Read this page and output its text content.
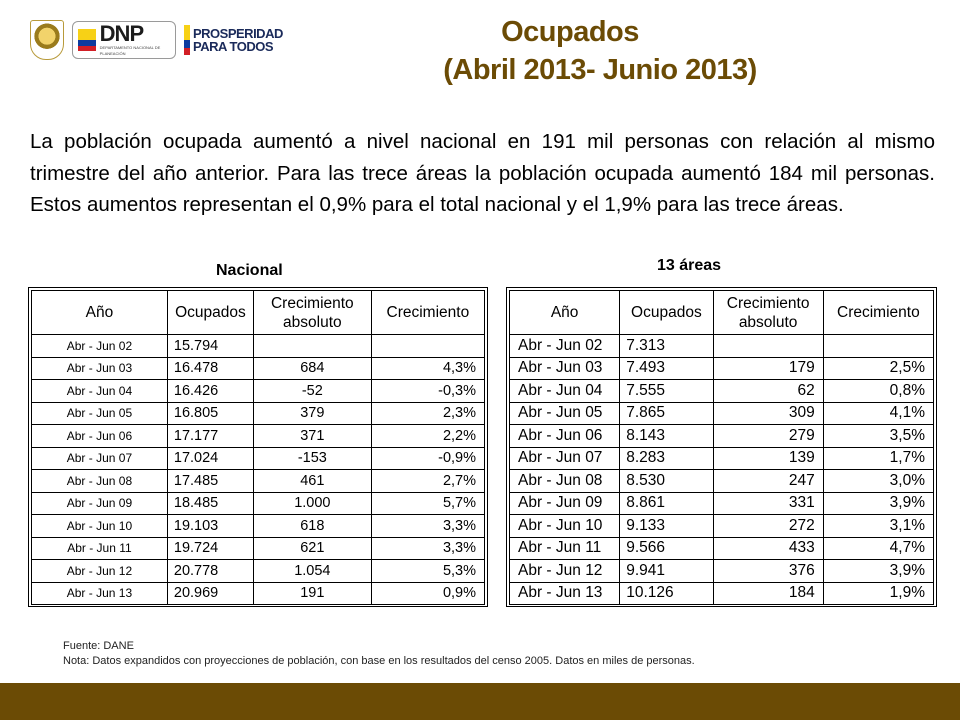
DNP
DEPARTAMENTO NACIONAL DE PLANEACIÓN
PROSPERIDAD
PARA TODOS	Ocupados
(Abril 2013- Junio 2013)

La población ocupada aumentó a nivel nacional en 191 mil personas con relación al mismo trimestre del año anterior. Para las trece áreas la población ocupada aumentó 184 mil personas. Estos aumentos representan el 0,9% para el total nacional y el 1,9% para las trece áreas.

Nacional	13 áreas
Año	Ocupados	Crecimiento absoluto	Crecimiento
Abr - Jun 02	15.794		
Abr - Jun 03	16.478	684	4,3%
Abr - Jun 04	16.426	-52	-0,3%
Abr - Jun 05	16.805	379	2,3%
Abr - Jun 06	17.177	371	2,2%
Abr - Jun 07	17.024	-153	-0,9%
Abr - Jun 08	17.485	461	2,7%
Abr - Jun 09	18.485	1.000	5,7%
Abr - Jun 10	19.103	618	3,3%
Abr - Jun 11	19.724	621	3,3%
Abr - Jun 12	20.778	1.054	5,3%
Abr - Jun 13	20.969	191	0,9%
Año	Ocupados	Crecimiento absoluto	Crecimiento
Abr - Jun 02	7.313		
Abr - Jun 03	7.493	179	2,5%
Abr - Jun 04	7.555	62	0,8%
Abr - Jun 05	7.865	309	4,1%
Abr - Jun 06	8.143	279	3,5%
Abr - Jun 07	8.283	139	1,7%
Abr - Jun 08	8.530	247	3,0%
Abr - Jun 09	8.861	331	3,9%
Abr - Jun 10	9.133	272	3,1%
Abr - Jun 11	9.566	433	4,7%
Abr - Jun 12	9.941	376	3,9%
Abr - Jun 13	10.126	184	1,9%
Fuente: DANE
Nota: Datos expandidos con proyecciones de población, con base en los resultados del censo 2005. Datos en miles de personas.
